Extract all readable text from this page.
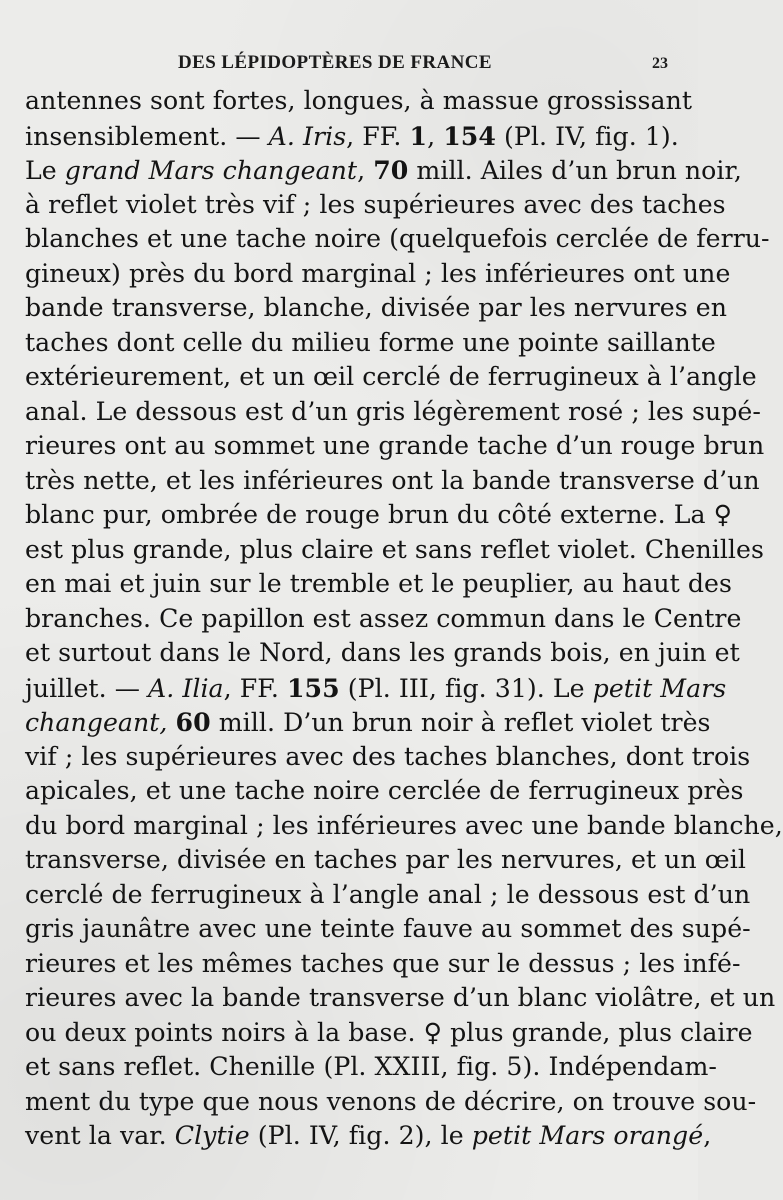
DES LÉPIDOPTÈRES DE FRANCE	23
antennes sont fortes, longues, à massue grossissant
insensiblement. — A. Iris, FF. 1, 154 (Pl. IV, fig. 1).
Le grand Mars changeant, 70 mill. Ailes d’un brun noir,
à reflet violet très vif ; les supérieures avec des taches
blanches et une tache noire (quelquefois cerclée de ferru-
gineux) près du bord marginal ; les inférieures ont une
bande transverse, blanche, divisée par les nervures en
taches dont celle du milieu forme une pointe saillante
extérieurement, et un œil cerclé de ferrugineux à l’angle
anal. Le dessous est d’un gris légèrement rosé ; les supé-
rieures ont au sommet une grande tache d’un rouge brun
très nette, et les inférieures ont la bande transverse d’un
blanc pur, ombrée de rouge brun du côté externe. La ♀
est plus grande, plus claire et sans reflet violet. Chenilles
en mai et juin sur le tremble et le peuplier, au haut des
branches. Ce papillon est assez commun dans le Centre
et surtout dans le Nord, dans les grands bois, en juin et
juillet. — A. Ilia, FF. 155 (Pl. III, fig. 31). Le petit Mars
changeant, 60 mill. D’un brun noir à reflet violet très
vif ; les supérieures avec des taches blanches, dont trois
apicales, et une tache noire cerclée de ferrugineux près
du bord marginal ; les inférieures avec une bande blanche,
transverse, divisée en taches par les nervures, et un œil
cerclé de ferrugineux à l’angle anal ; le dessous est d’un
gris jaunâtre avec une teinte fauve au sommet des supé-
rieures et les mêmes taches que sur le dessus ; les infé-
rieures avec la bande transverse d’un blanc violâtre, et un
ou deux points noirs à la base. ♀ plus grande, plus claire
et sans reflet. Chenille (Pl. XXIII, fig. 5). Indépendam-
ment du type que nous venons de décrire, on trouve sou-
vent la var. Clytie (Pl. IV, fig. 2), le petit Mars orangé,
